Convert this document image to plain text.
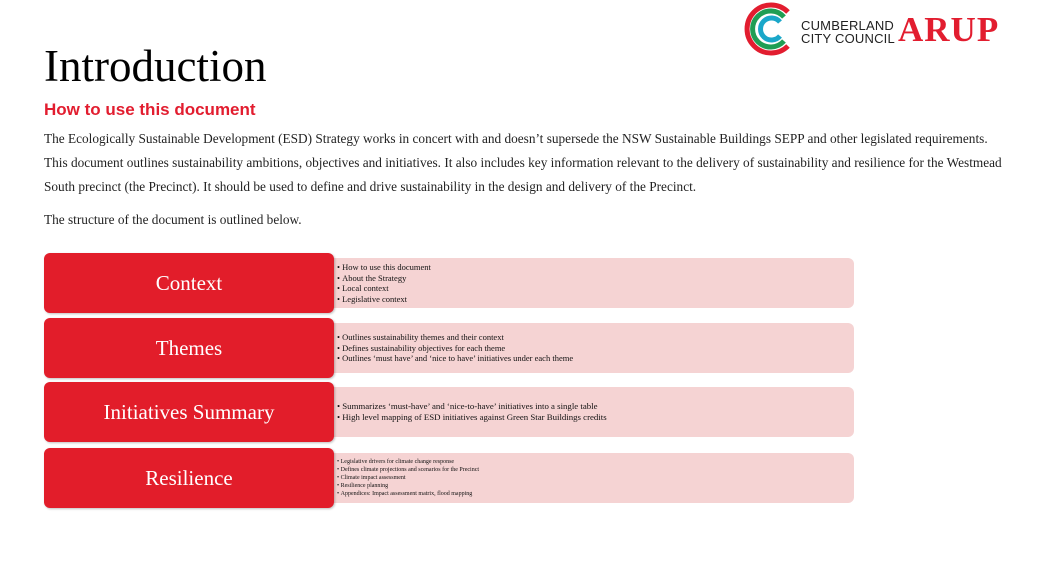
CUMBERLAND
CITY COUNCIL ARUP
Introduction
How to use this document

The Ecologically Sustainable Development (ESD) Strategy works in concert with and doesn’t supersede the NSW Sustainable Buildings SEPP and other legislated requirements. This document outlines sustainability ambitions, objectives and initiatives. It also includes key information relevant to the delivery of sustainability and resilience for the Westmead South precinct (the Precinct). It should be used to define and drive sustainability in the design and delivery of the Precinct.

The structure of the document is outlined below.

Context
• How to use this document
• About the Strategy
• Local context
• Legislative context
Themes	• Outlines sustainability themes and their context
• Defines sustainability objectives for each theme
• Outlines ‘must have’ and ‘nice to have’ initiatives under each theme
Initiatives Summary	• Summarizes ‘must-have’ and ‘nice-to-have’ initiatives into a single table
• High level mapping of ESD initiatives against Green Star Buildings credits
Resilience
• Legislative drivers for climate change response
• Defines climate projections and scenarios for the Precinct
• Climate impact assessment
• Resilience planning
• Appendices: Impact assessment matrix, flood mapping
